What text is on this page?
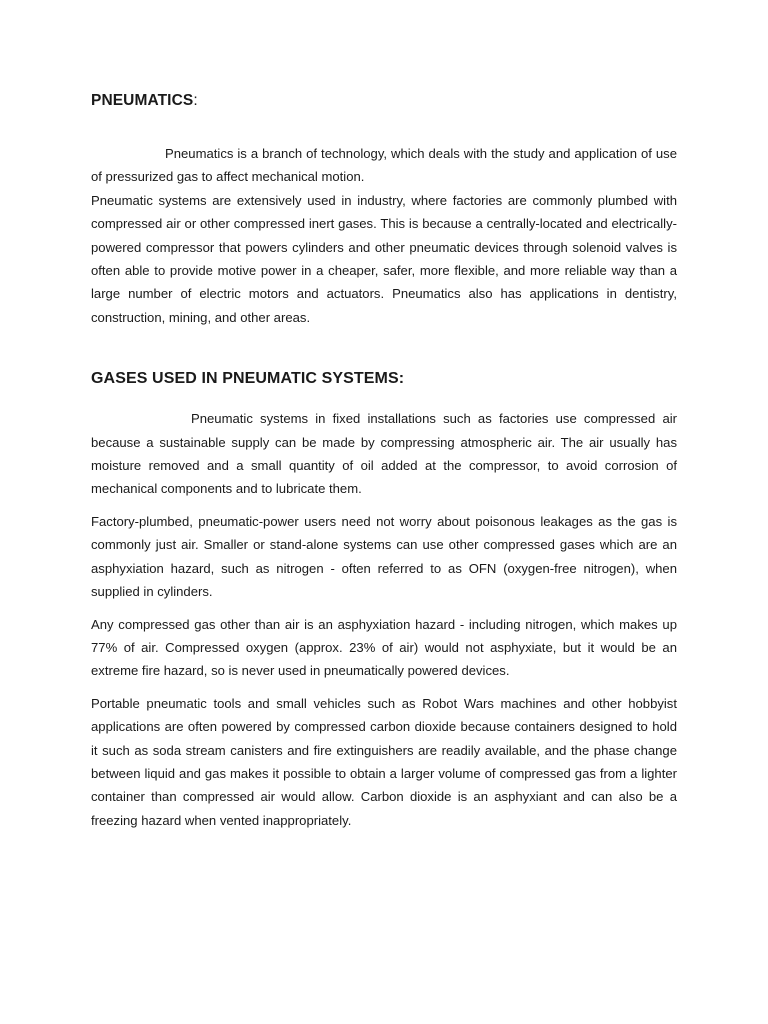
PNEUMATICS:

Pneumatics is a branch of technology, which deals with the study and application of use of pressurized gas to affect mechanical motion.

Pneumatic systems are extensively used in industry, where factories are commonly plumbed with compressed air or other compressed inert gases. This is because a centrally-located and electrically-powered compressor that powers cylinders and other pneumatic devices through solenoid valves is often able to provide motive power in a cheaper, safer, more flexible, and more reliable way than a large number of electric motors and actuators. Pneumatics also has applications in dentistry, construction, mining, and other areas.

GASES USED IN PNEUMATIC SYSTEMS:

Pneumatic systems in fixed installations such as factories use compressed air because a sustainable supply can be made by compressing atmospheric air. The air usually has moisture removed and a small quantity of oil added at the compressor, to avoid corrosion of mechanical components and to lubricate them.

Factory-plumbed, pneumatic-power users need not worry about poisonous leakages as the gas is commonly just air. Smaller or stand-alone systems can use other compressed gases which are an asphyxiation hazard, such as nitrogen - often referred to as OFN (oxygen-free nitrogen), when supplied in cylinders.

Any compressed gas other than air is an asphyxiation hazard - including nitrogen, which makes up 77% of air. Compressed oxygen (approx. 23% of air) would not asphyxiate, but it would be an extreme fire hazard, so is never used in pneumatically powered devices.

Portable pneumatic tools and small vehicles such as Robot Wars machines and other hobbyist applications are often powered by compressed carbon dioxide because containers designed to hold it such as soda stream canisters and fire extinguishers are readily available, and the phase change between liquid and gas makes it possible to obtain a larger volume of compressed gas from a lighter container than compressed air would allow. Carbon dioxide is an asphyxiant and can also be a freezing hazard when vented inappropriately.
